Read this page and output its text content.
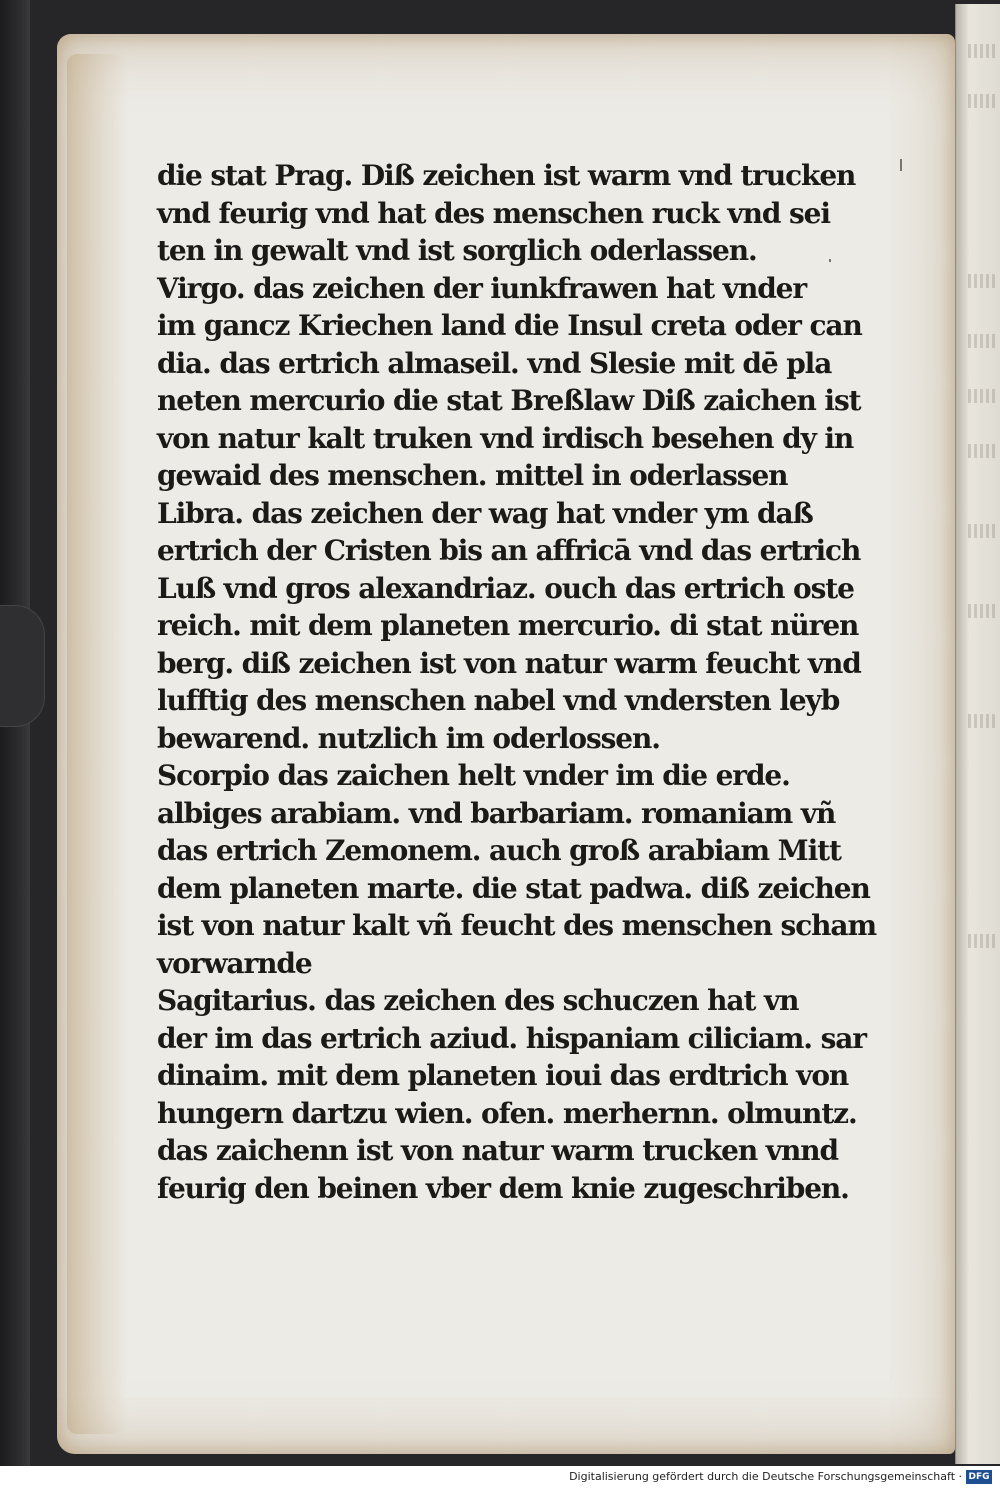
die stat Prag. Diß zeichen ist warm vnd trucken
vnd feurig vnd hat des menschen ruck vnd sei
ten in gewalt vnd ist sorglich oderlassen.
Virgo. das zeichen der iunkfrawen hat vnder
im gancz Kriechen land die Insul creta oder can
dia. das ertrich almaseil. vnd Slesie mit dē pla
neten mercurio die stat Breßlaw Diß zaichen ist
von natur kalt truken vnd irdisch besehen dy in
gewaid des menschen. mittel in oderlassen
Libra. das zeichen der wag hat vnder ym daß
ertrich der Cristen bis an affricā vnd das ertrich
Luß vnd gros alexandriaz. ouch das ertrich oste
reich. mit dem planeten mercurio. di stat nüren
berg. diß zeichen ist von natur warm feucht vnd
lufftig des menschen nabel vnd vndersten leyb
bewarend. nutzlich im oderlossen.
Scorpio das zaichen helt vnder im die erde.
albiges arabiam. vnd barbariam. romaniam vñ
das ertrich Zemonem. auch groß arabiam Mitt
dem planeten marte. die stat padwa. diß zeichen
ist von natur kalt vñ feucht des menschen scham
vorwarnde
Sagitarius. das zeichen des schuczen hat vn
der im das ertrich aziud. hispaniam ciliciam. sar
dinaim. mit dem planeten ioui das erdtrich von
hungern dartzu wien. ofen. merhernn. olmuntz.
das zaichenn ist von natur warm trucken vnnd
feurig den beinen vber dem knie zugeschriben.
Digitalisierung gefördert durch die Deutsche Forschungsgemeinschaft · DFG
